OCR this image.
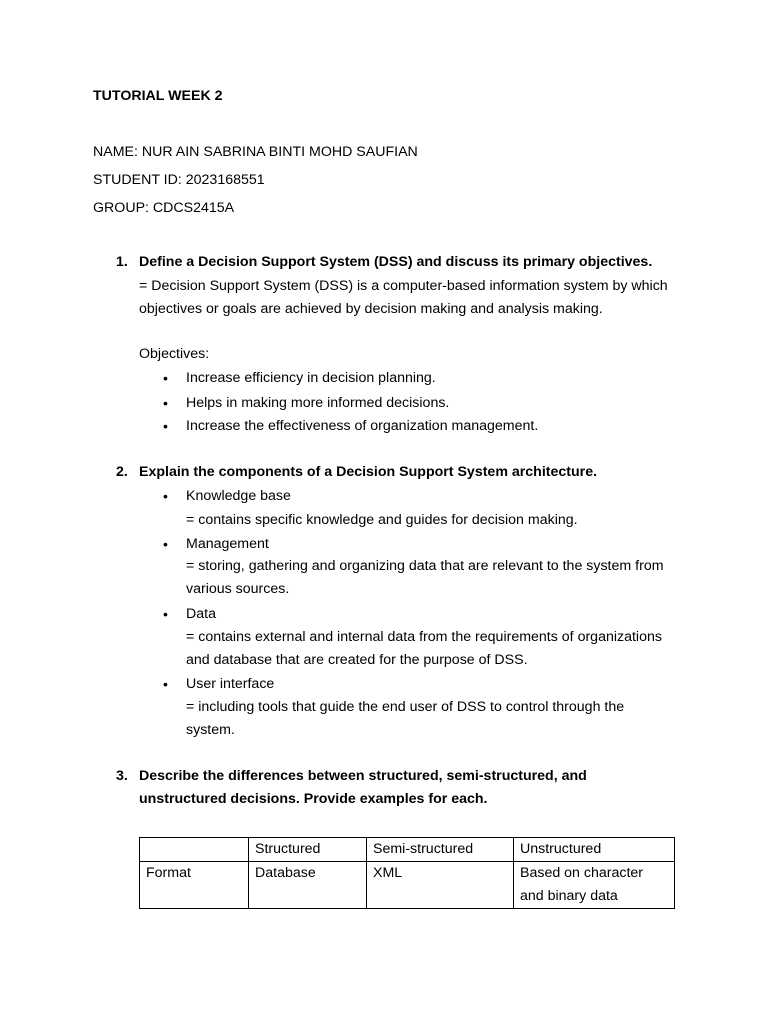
TUTORIAL WEEK 2
NAME: NUR AIN SABRINA BINTI MOHD SAUFIAN
STUDENT ID: 2023168551
GROUP: CDCS2415A
1. Define a Decision Support System (DSS) and discuss its primary objectives.
= Decision Support System (DSS) is a computer-based information system by which
objectives or goals are achieved by decision making and analysis making.
Objectives:
•
Increase efficiency in decision planning.
•
Helps in making more informed decisions.
•
Increase the effectiveness of organization management.
2. Explain the components of a Decision Support System architecture.
•
Knowledge base
= contains specific knowledge and guides for decision making.
•
Management
= storing, gathering and organizing data that are relevant to the system from
various sources.
•
Data
= contains external and internal data from the requirements of organizations
and database that are created for the purpose of DSS.
•
User interface
= including tools that guide the end user of DSS to control through the
system.
3. Describe the differences between structured, semi-structured, and
unstructured decisions. Provide examples for each.
	Structured	Semi-structured	Unstructured
Format	Database	XML	Based on character
and binary data
